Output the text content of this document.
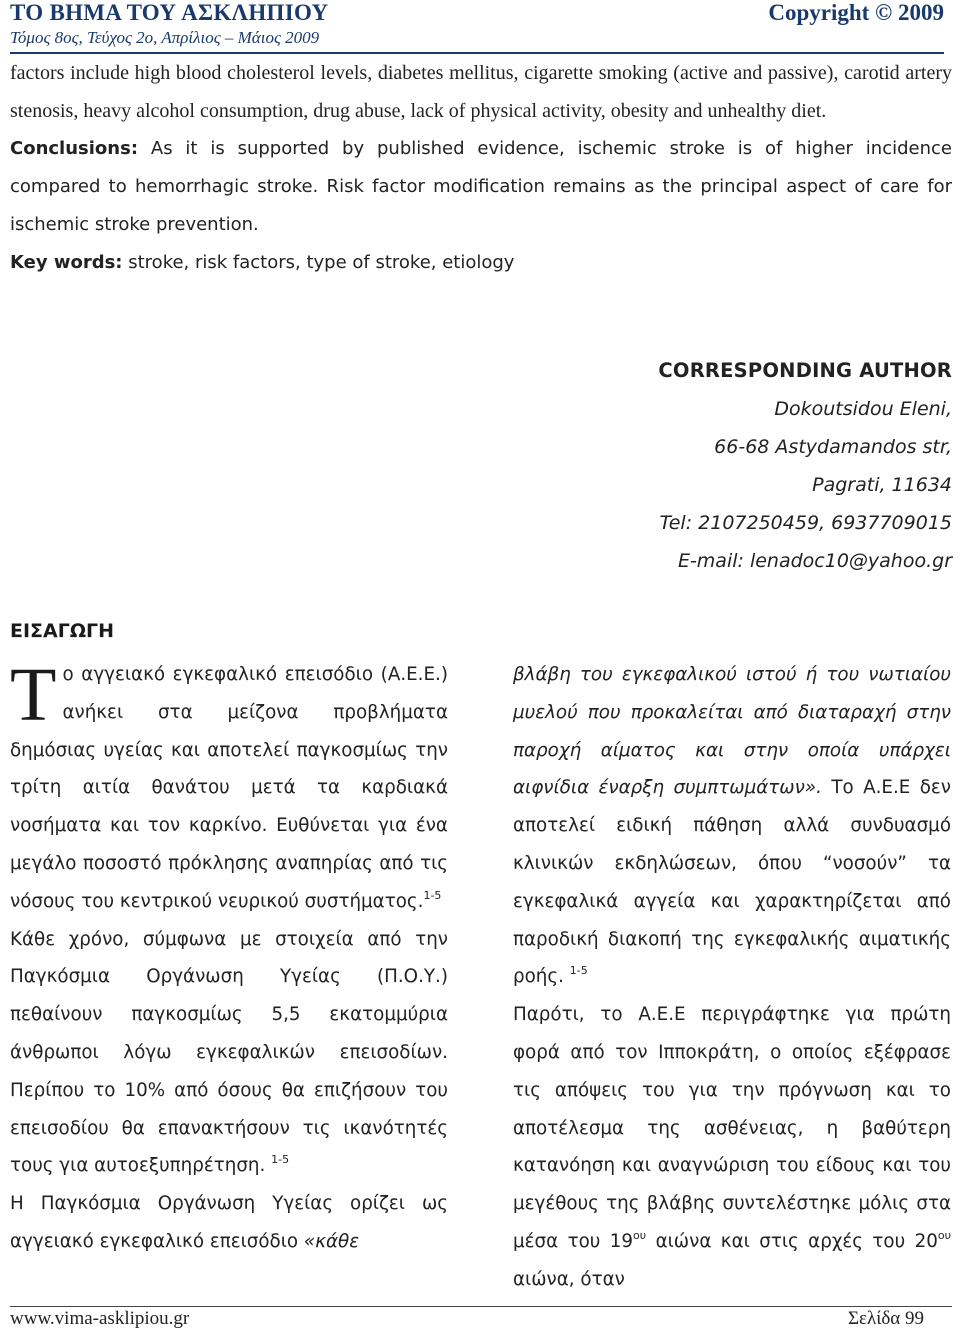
ΤΟ ΒΗΜΑ ΤΟΥ ΑΣΚΛΗΠΙΟΥ	Copyright © 2009
Τόμος 8ος, Τεύχος 2ο, Απρίλιος – Μάιος 2009

factors include high blood cholesterol levels, diabetes mellitus, cigarette smoking (active and passive), carotid artery stenosis, heavy alcohol consumption, drug abuse, lack of physical activity, obesity and unhealthy diet.

Conclusions: As it is supported by published evidence, ischemic stroke is of higher incidence compared to hemorrhagic stroke. Risk factor modification remains as the principal aspect of care for ischemic stroke prevention.

Key words: stroke, risk factors, type of stroke, etiology

CORRESPONDING AUTHOR
Dokoutsidou Eleni,
66-68 Astydamandos str,
Pagrati, 11634
Tel: 2107250459, 6937709015
E-mail: lenadoc10@yahoo.gr
ΕΙΣΑΓΩΓΗ

Το αγγειακό εγκεφαλικό επεισόδιο (Α.Ε.Ε.) ανήκει στα μείζονα προβλήματα δημόσιας υγείας και αποτελεί παγκοσμίως την τρίτη αιτία θανάτου μετά τα καρδιακά νοσήματα και τον καρκίνο. Ευθύνεται για ένα μεγάλο ποσοστό πρόκλησης αναπηρίας από τις νόσους του κεντρικού νευρικού συστήματος.$^{1-5}$

Κάθε χρόνο, σύμφωνα με στοιχεία από την Παγκόσμια Οργάνωση Υγείας (Π.Ο.Υ.) πεθαίνουν παγκοσμίως 5,5 εκατομμύρια άνθρωποι λόγω εγκεφαλικών επεισοδίων. Περίπου το 10% από όσους θα επιζήσουν του επεισοδίου θα επανακτήσουν τις ικανότητές τους για αυτοεξυπηρέτηση. $^{1-5}$

Η Παγκόσμια Οργάνωση Υγείας ορίζει ως αγγειακό εγκεφαλικό επεισόδιο «κάθε

βλάβη του εγκεφαλικού ιστού ή του νωτιαίου μυελού που προκαλείται από διαταραχή στην παροχή αίματος και στην οποία υπάρχει αιφνίδια έναρξη συμπτωμάτων». Το Α.Ε.Ε δεν αποτελεί ειδική πάθηση αλλά συνδυασμό κλινικών εκδηλώσεων, όπου “νοσούν” τα εγκεφαλικά αγγεία και χαρακτηρίζεται από παροδική διακοπή της εγκεφαλικής αιματικής ροής. $^{1-5}$

Παρότι, το Α.Ε.Ε περιγράφτηκε για πρώτη φορά από τον Ιπποκράτη, ο οποίος εξέφρασε τις απόψεις του για την πρόγνωση και το αποτέλεσμα της ασθένειας, η βαθύτερη κατανόηση και αναγνώριση του είδους και του μεγέθους της βλάβης συντελέστηκε μόλις στα μέσα του $19^{o\upsilon}$ αιώνα και στις αρχές του $20^{o\upsilon}$ αιώνα, όταν

www.vima-asklipiou.gr	Σελίδα 99
